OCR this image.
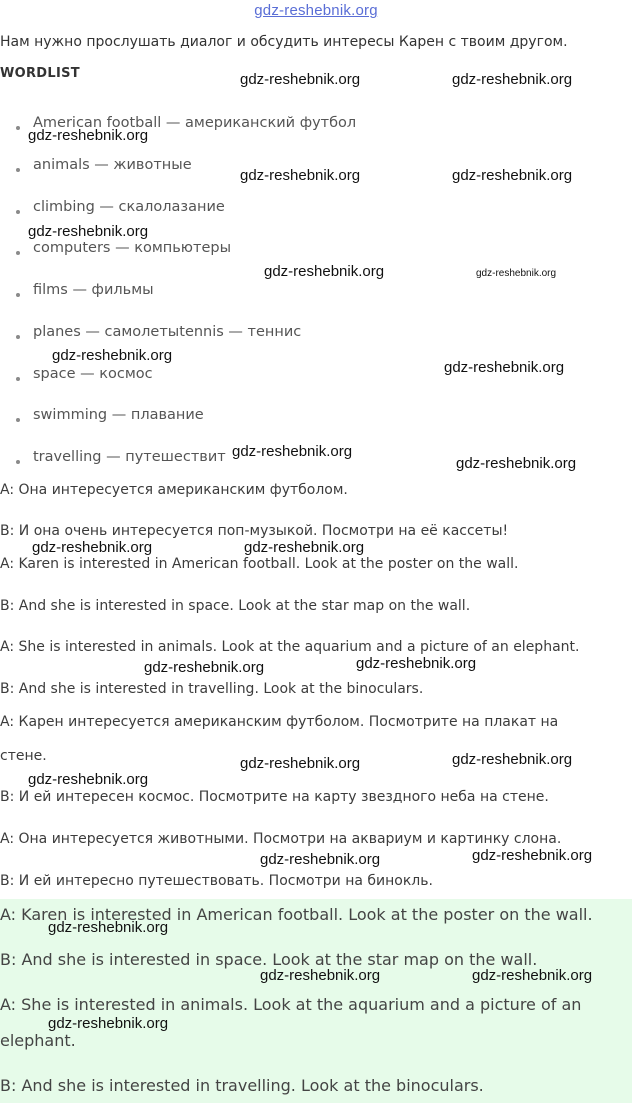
gdz-reshebnik.org
Нам нужно прослушать диалог и обсудить интересы Карен с твоим другом.
WORDLIST
American football — американский футбол
animals — животные
climbing — скалолазание
computers — компьютеры
films — фильмы
planes — самолетыtennis — теннис
space — космос
swimming — плавание
travelling — путешествит
A: Она интересуется американским футболом.
B: И она очень интересуется поп-музыкой. Посмотри на её кассеты!
A: Karen is interested in American football. Look at the poster on the wall.
B: And she is interested in space. Look at the star map on the wall.
A: She is interested in animals. Look at the aquarium and a picture of an elephant.
B: And she is interested in travelling. Look at the binoculars.
A: Карен интересуется американским футболом. Посмотрите на плакат на
стене.
B: И ей интересен космос. Посмотрите на карту звездного неба на стене.
A: Она интересуется животными. Посмотри на аквариум и картинку слона.
B: И ей интересно путешествовать. Посмотри на бинокль.
A: Karen is interested in American football. Look at the poster on the wall.
B: And she is interested in space. Look at the star map on the wall.
A: She is interested in animals. Look at the aquarium and a picture of an
elephant.
B: And she is interested in travelling. Look at the binoculars.
gdz-reshebnik.org	gdz-reshebnik.org
gdz-reshebnik.org
gdz-reshebnik.org	gdz-reshebnik.org
gdz-reshebnik.org
gdz-reshebnik.org	gdz-reshebnik.org
gdz-reshebnik.org
gdz-reshebnik.org
gdz-reshebnik.org
gdz-reshebnik.org
gdz-reshebnik.org	gdz-reshebnik.org
gdz-reshebnik.org	gdz-reshebnik.org
gdz-reshebnik.org	gdz-reshebnik.org
gdz-reshebnik.org
gdz-reshebnik.org	gdz-reshebnik.org
gdz-reshebnik.org
gdz-reshebnik.org	gdz-reshebnik.org
gdz-reshebnik.org
